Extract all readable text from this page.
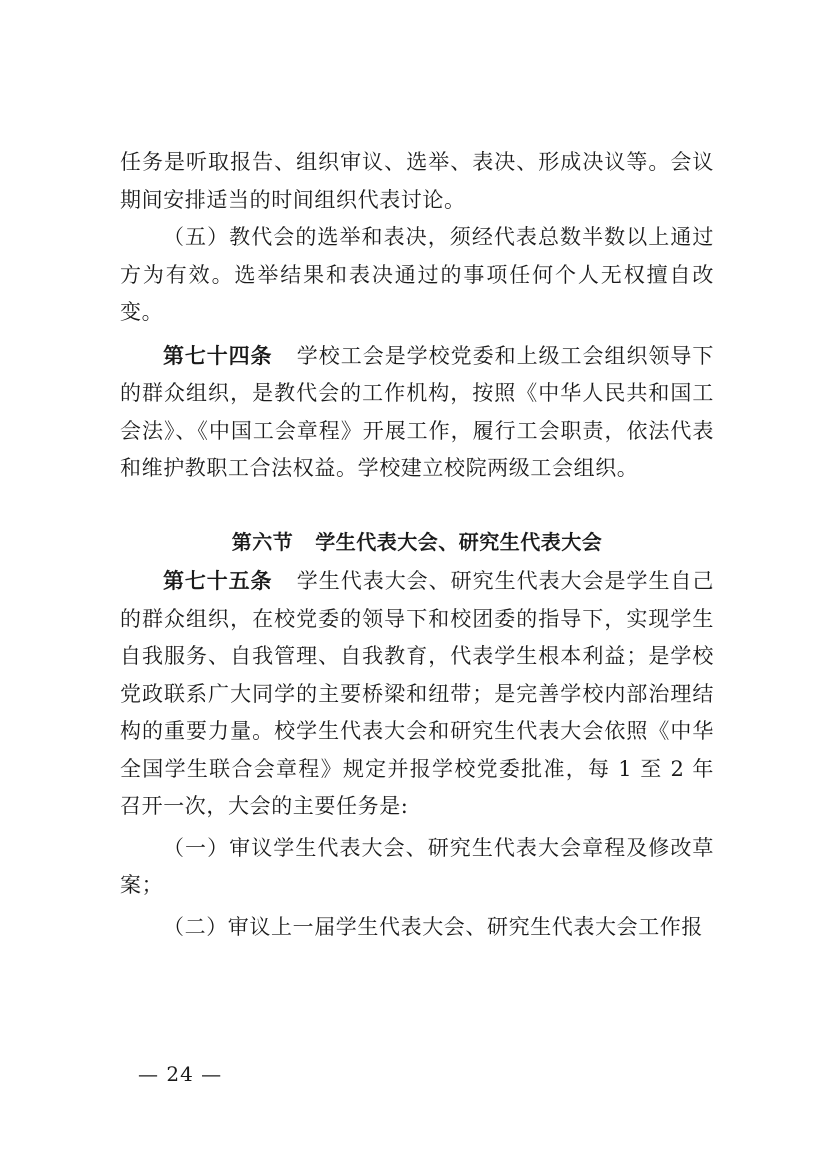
任务是听取报告、组织审议、选举、表决、形成决议等。会议期间安排适当的时间组织代表讨论。

（五）教代会的选举和表决，须经代表总数半数以上通过方为有效。选举结果和表决通过的事项任何个人无权擅自改变。

第七十四条 学校工会是学校党委和上级工会组织领导下的群众组织，是教代会的工作机构，按照《中华人民共和国工会法》、《中国工会章程》开展工作，履行工会职责，依法代表和维护教职工合法权益。学校建立校院两级工会组织。

第六节 学生代表大会、研究生代表大会

第七十五条 学生代表大会、研究生代表大会是学生自己的群众组织，在校党委的领导下和校团委的指导下，实现学生自我服务、自我管理、自我教育，代表学生根本利益；是学校党政联系广大同学的主要桥梁和纽带；是完善学校内部治理结构的重要力量。校学生代表大会和研究生代表大会依照《中华全国学生联合会章程》规定并报学校党委批准，每 1 至 2 年召开一次，大会的主要任务是:

（一）审议学生代表大会、研究生代表大会章程及修改草案；

（二）审议上一届学生代表大会、研究生代表大会工作报

— 24 —
